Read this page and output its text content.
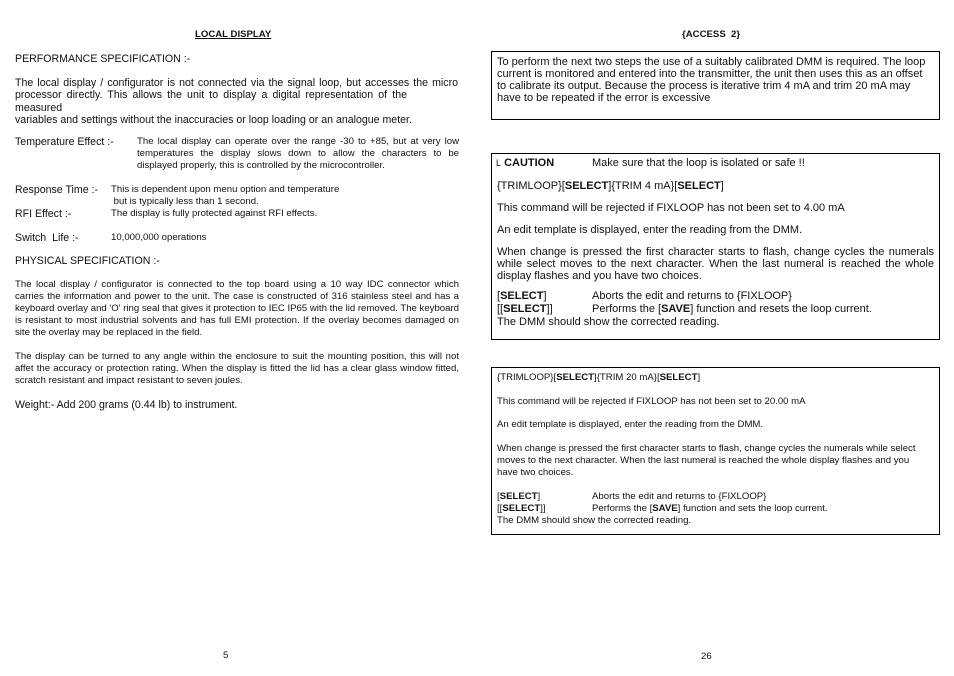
LOCAL DISPLAY
PERFORMANCE SPECIFICATION :-
The local display / configurator is not connected via the signal loop, but accesses the micro
processor directly. This allows the unit to display a digital representation of the measured
variables and settings without the inaccuracies or loop loading or an analogue meter.
Temperature Effect :- The local display can operate over the range -30 to +85, but at very low temperatures the display slows down to allow the characters to be displayed properly, this is controlled by the microcontroller.
Response Time :- This is dependent upon menu option and temperature
but is typically less than 1 second.
RFI Effect :-	The display is fully protected against RFI effects.
Switch  Life :-	10,000,000 operations
PHYSICAL SPECIFICATION :-
The local display / configurator is connected to the top board using a 10 way IDC connector which carries the information and power to the unit. The case is constructed of 316 stainless steel and has a keyboard overlay and 'O' ring seal that gives it protection to IEC IP65 with the lid removed. The keyboard is resistant to most industrial solvents and has full EMI protection. If the overlay becomes damaged on site the overlay may be replaced in the field.
The display can be turned to any angle within the enclosure to suit the mounting position, this will not affet the accuracy or protection rating. When the display is fitted the lid has a clear glass window fitted, scratch resistant and impact resistant to seven joules.
Weight:- Add 200 grams (0.44 lb) to instrument.
5
{ACCESS  2}
To perform the next two steps the use of a suitably calibrated DMM is required. The loop current is monitored and entered into the transmitter, the unit then uses this as an offset to calibrate its output. Because the process is iterative trim 4 mA and trim 20 mA may have to be repeated if the error is excessive
L CAUTION	Make sure that the loop is isolated or safe !!
{TRIMLOOP}[SELECT]{TRIM 4 mA}[SELECT]
This command will be rejected if FIXLOOP has not been set to 4.00 mA
An edit template is displayed, enter the reading from the DMM.
When change is pressed the first character starts to flash, change cycles the numerals while select moves to the next character. When the last numeral is reached the whole display flashes and you have two choices.
[SELECT]	Aborts the edit and returns to {FIXLOOP}
[[SELECT]]	Performs the [SAVE] function and resets the loop current.
The DMM should show the corrected reading.
{TRIMLOOP}[SELECT]{TRIM 20 mA}[SELECT]
This command will be rejected if FIXLOOP has not been set to 20.00 mA
An edit template is displayed, enter the reading from the DMM.
When change is pressed the first character starts to flash, change cycles the numerals while select moves to the next character. When the last numeral is reached the whole display flashes and you have two choices.
[SELECT]	Aborts the edit and returns to {FIXLOOP}
[[SELECT]]	Performs the [SAVE] function and sets the loop current.
The DMM should show the corrected reading.
26
